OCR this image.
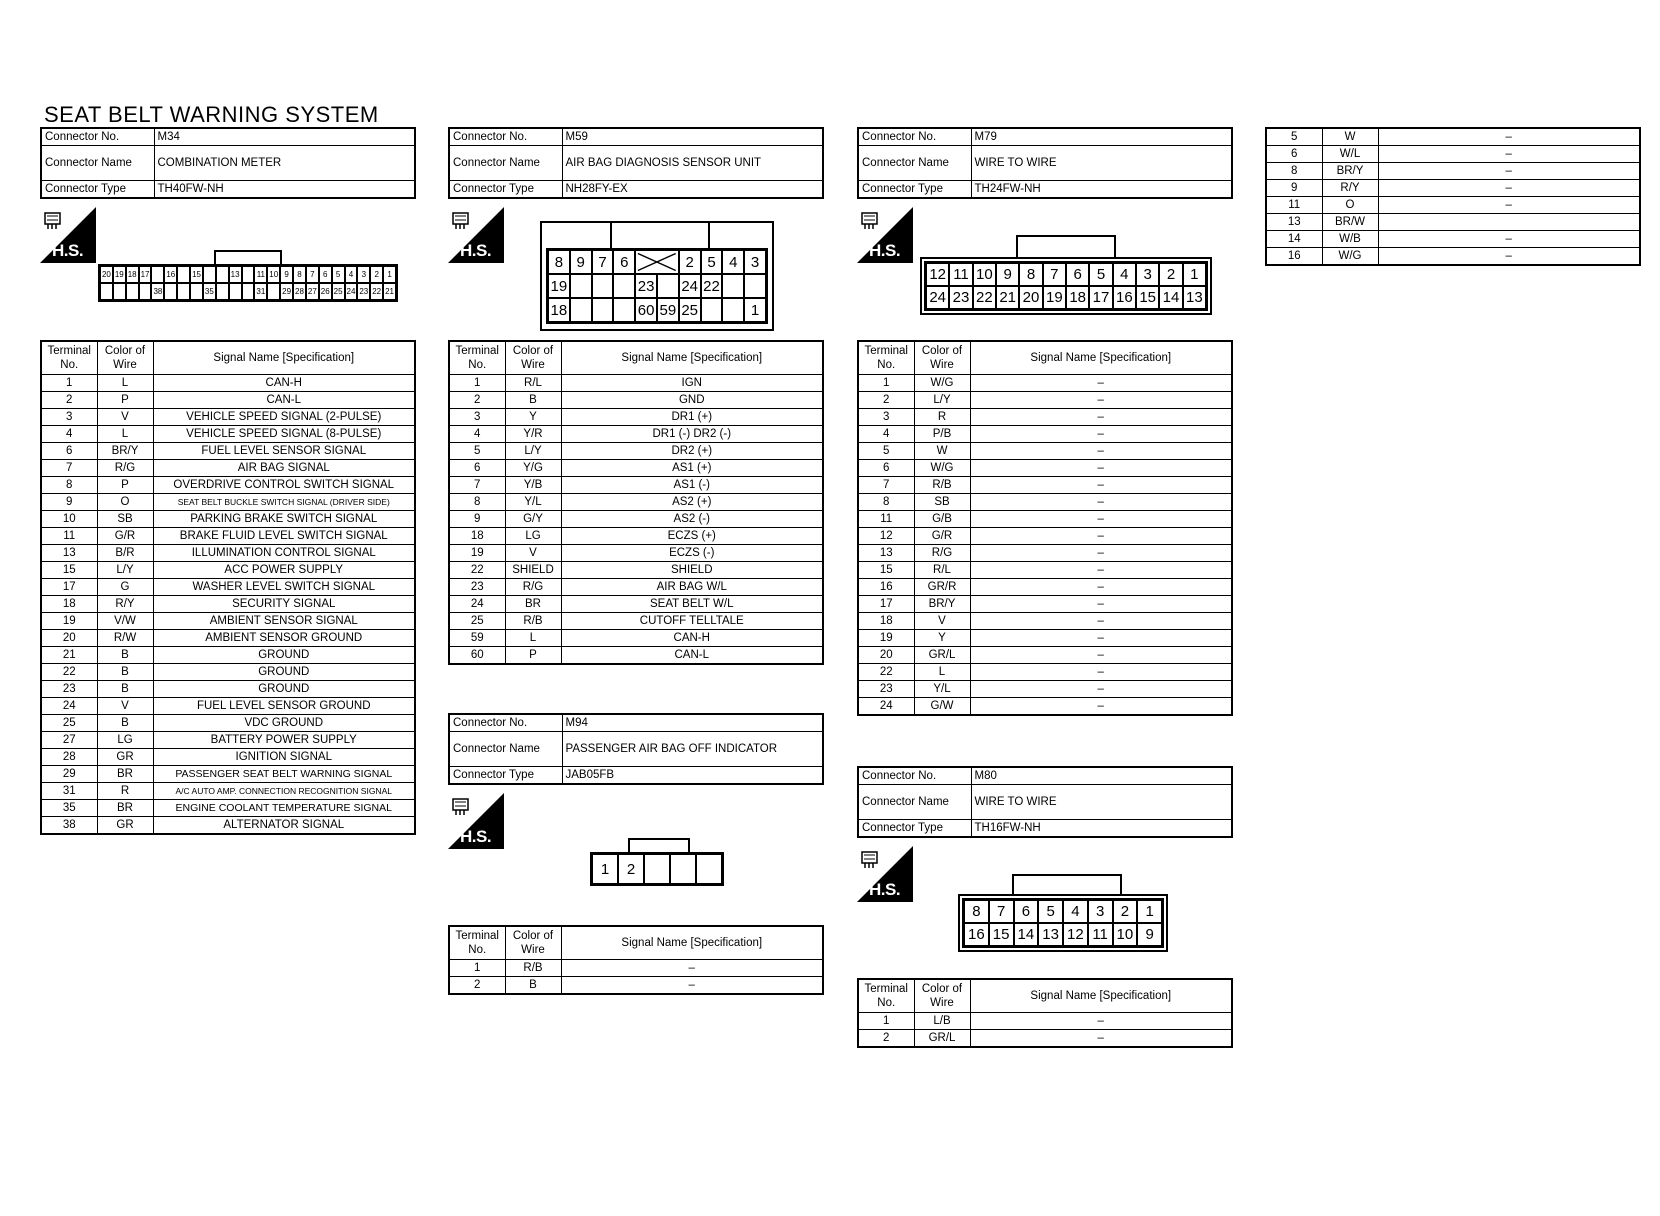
SEAT BELT WARNING SYSTEM
Connector No.	M34
Connector Name	COMBINATION METER
Connector Type	TH40FW-NH
H.S.
20 19 18 17 16 15	13 11 10 9	8	7	6	5	4	3	2	1
38	35	31 29 28 27 26 25 24 23 22 21
Terminal No.	Color of Wire	Signal Name [Specification]
1	L	CAN-H
2	P	CAN-L
3	V	VEHICLE SPEED SIGNAL (2-PULSE)
4	L	VEHICLE SPEED SIGNAL (8-PULSE)
6	BR/Y	FUEL LEVEL SENSOR SIGNAL
7	R/G	AIR BAG SIGNAL
8	P	OVERDRIVE CONTROL SWITCH SIGNAL
9	O	SEAT BELT BUCKLE SWITCH SIGNAL (DRIVER SIDE)
10	SB	PARKING BRAKE SWITCH SIGNAL
11	G/R	BRAKE FLUID LEVEL SWITCH SIGNAL
13	B/R	ILLUMINATION CONTROL SIGNAL
15	L/Y	ACC POWER SUPPLY
17	G	WASHER LEVEL SWITCH SIGNAL
18	R/Y	SECURITY SIGNAL
19	V/W	AMBIENT SENSOR SIGNAL
20	R/W	AMBIENT SENSOR GROUND
21	B	GROUND
22	B	GROUND
23	B	GROUND
24	V	FUEL LEVEL SENSOR GROUND
25	B	VDC GROUND
27	LG	BATTERY POWER SUPPLY
28	GR	IGNITION SIGNAL
29	BR	PASSENGER SEAT BELT WARNING SIGNAL
31	R	A/C AUTO AMP. CONNECTION RECOGNITION SIGNAL
35	BR	ENGINE COOLANT TEMPERATURE SIGNAL
38	GR	ALTERNATOR SIGNAL
Connector No.	M59
Connector Name	AIR BAG DIAGNOSIS SENSOR UNIT
Connector Type	NH28FY-EX
H.S.
8 9 7 6	2 5 4 3
19	23 24 22
18	60 59 25	1
Terminal No.	Color of Wire	Signal Name [Specification]
1	R/L	IGN
2	B	GND
3	Y	DR1 (+)
4	Y/R	DR1 (-) DR2 (-)
5	L/Y	DR2 (+)
6	Y/G	AS1 (+)
7	Y/B	AS1 (-)
8	Y/L	AS2 (+)
9	G/Y	AS2 (-)
18	LG	ECZS (+)
19	V	ECZS (-)
22	SHIELD	SHIELD
23	R/G	AIR BAG W/L
24	BR	SEAT BELT W/L
25	R/B	CUTOFF TELLTALE
59	L	CAN-H
60	P	CAN-L
Connector No.	M94
Connector Name	PASSENGER AIR BAG OFF INDICATOR
Connector Type	JAB05FB
H.S.
1	2
Terminal No.	Color of Wire	Signal Name [Specification]
1	R/B	–
2	B	–
Connector No.	M79
Connector Name	WIRE TO WIRE
Connector Type	TH24FW-NH
H.S.
12 11 10 9 8	7 6 5	4 3 2	1
24 23 22 21 20 19 18 17 16 15 14 13
Terminal No.	Color of Wire	Signal Name [Specification]
1	W/G	–
2	L/Y	–
3	R	–
4	P/B	–
5	W	–
6	W/G	–
7	R/B	–
8	SB	–
11	G/B	–
12	G/R	–
13	R/G	–
15	R/L	–
16	GR/R	–
17	BR/Y	–
18	V	–
19	Y	–
20	GR/L	–
22	L	–
23	Y/L	–
24	G/W	–
Connector No.	M80
Connector Name	WIRE TO WIRE
Connector Type	TH16FW-NH
H.S.
8	7	6	5	4	3	2	1
16 15 14 13 12 11 10 9
Terminal No.	Color of Wire	Signal Name [Specification]
1	L/B	–
2	GR/L	–
5	W	–
6	W/L	–
8	BR/Y	–
9	R/Y	–
11	O	–
13	BR/W	
14	W/B	–
16	W/G	–
